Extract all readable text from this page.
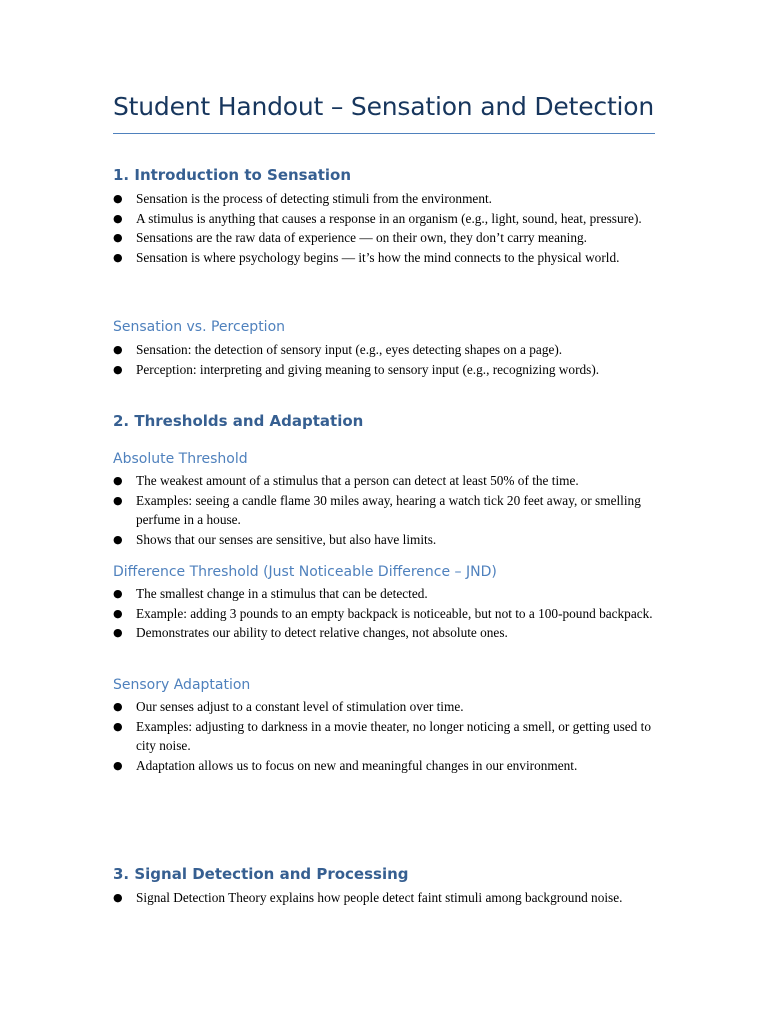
Student Handout – Sensation and Detection
1. Introduction to Sensation
● Sensation is the process of detecting stimuli from the environment.
● A stimulus is anything that causes a response in an organism (e.g., light, sound, heat, pressure).
● Sensations are the raw data of experience — on their own, they don’t carry meaning.
● Sensation is where psychology begins — it’s how the mind connects to the physical world.
Sensation vs. Perception
● Sensation: the detection of sensory input (e.g., eyes detecting shapes on a page).
● Perception: interpreting and giving meaning to sensory input (e.g., recognizing words).
2. Thresholds and Adaptation
Absolute Threshold
● The weakest amount of a stimulus that a person can detect at least 50% of the time.
● Examples: seeing a candle flame 30 miles away, hearing a watch tick 20 feet away, or smelling perfume in a house.
● Shows that our senses are sensitive, but also have limits.
Difference Threshold (Just Noticeable Difference – JND)
● The smallest change in a stimulus that can be detected.
● Example: adding 3 pounds to an empty backpack is noticeable, but not to a 100-pound backpack.
● Demonstrates our ability to detect relative changes, not absolute ones.
Sensory Adaptation
● Our senses adjust to a constant level of stimulation over time.
● Examples: adjusting to darkness in a movie theater, no longer noticing a smell, or getting used to city noise.
● Adaptation allows us to focus on new and meaningful changes in our environment.
3. Signal Detection and Processing
● Signal Detection Theory explains how people detect faint stimuli among background noise.
